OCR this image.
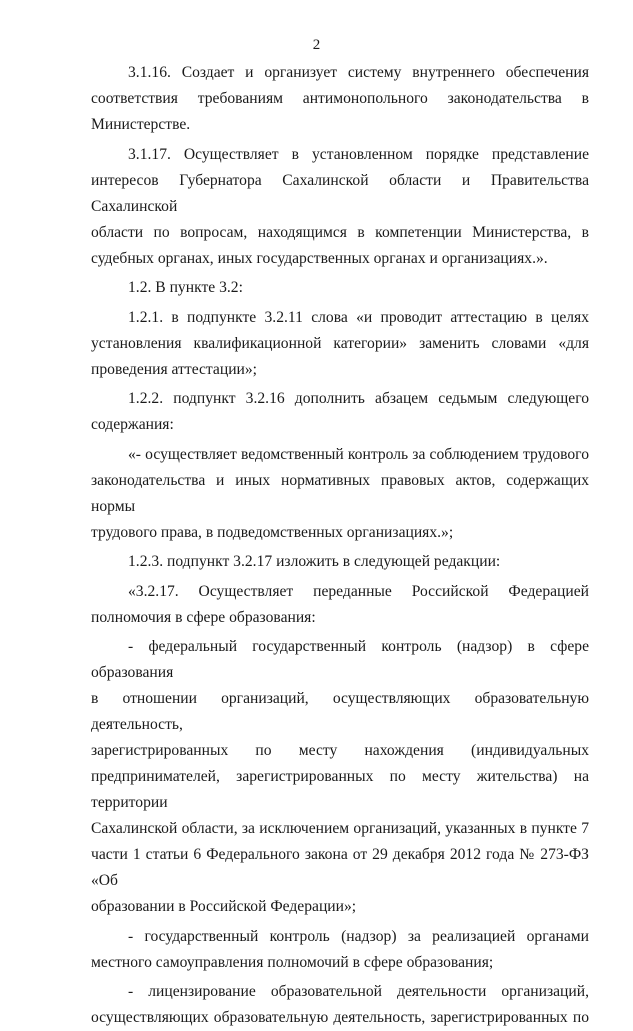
2
3.1.16. Создает и организует систему внутреннего обеспечения
соответствия требованиям антимонопольного законодательства в
Министерстве.
3.1.17. Осуществляет в установленном порядке представление
интересов Губернатора Сахалинской области и Правительства Сахалинской
области по вопросам, находящимся в компетенции Министерства, в
судебных органах, иных государственных органах и организациях.».
1.2. В пункте 3.2:
1.2.1. в подпункте 3.2.11 слова «и проводит аттестацию в целях
установления квалификационной категории» заменить словами «для
проведения аттестации»;
1.2.2. подпункт 3.2.16 дополнить абзацем седьмым следующего
содержания:
«- осуществляет ведомственный контроль за соблюдением трудового
законодательства и иных нормативных правовых актов, содержащих нормы
трудового права, в подведомственных организациях.»;
1.2.3. подпункт 3.2.17 изложить в следующей редакции:
«3.2.17. Осуществляет переданные Российской Федерацией
полномочия в сфере образования:
- федеральный государственный контроль (надзор) в сфере образования
в отношении организаций, осуществляющих образовательную деятельность,
зарегистрированных по месту нахождения (индивидуальных
предпринимателей, зарегистрированных по месту жительства) на территории
Сахалинской области, за исключением организаций, указанных в пункте 7
части 1 статьи 6 Федерального закона от 29 декабря 2012 года № 273-ФЗ «Об
образовании в Российской Федерации»;
- государственный контроль (надзор) за реализацией органами
местного самоуправления полномочий в сфере образования;
- лицензирование образовательной деятельности организаций,
осуществляющих образовательную деятельность, зарегистрированных по
